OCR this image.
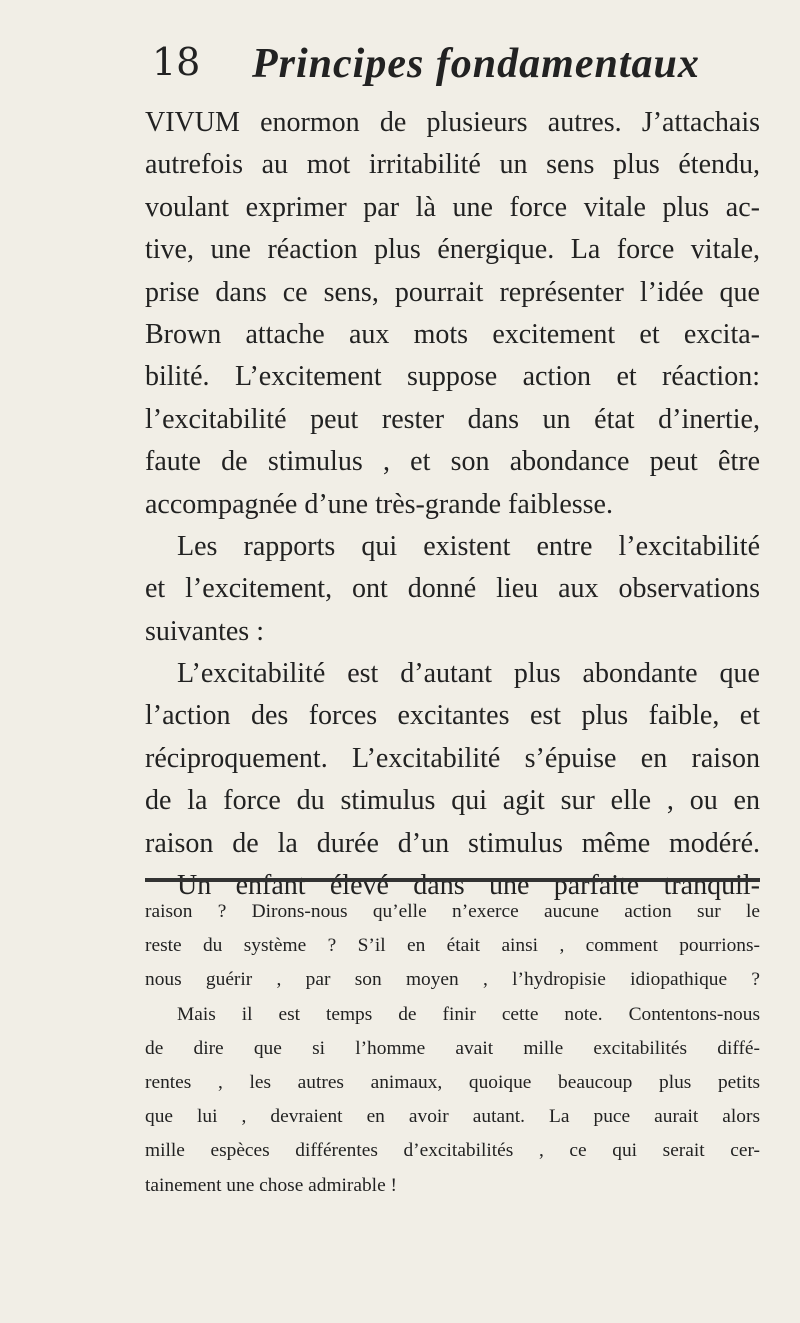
18 Principes fondamentaux
VIVUM enormon de plusieurs autres. J’attachais
autrefois au mot irritabilité un sens plus étendu,
voulant exprimer par là une force vitale plus ac-
tive, une réaction plus énergique. La force vitale,
prise dans ce sens, pourrait représenter l’idée que
Brown attache aux mots excitement et excita-
bilité. L’excitement suppose action et réaction:
l’excitabilité peut rester dans un état d’inertie,
faute de stimulus , et son abondance peut être
accompagnée d’une très-grande faiblesse.
Les rapports qui existent entre l’excitabilité
et l’excitement, ont donné lieu aux observations
suivantes :
L’excitabilité est d’autant plus abondante que
l’action des forces excitantes est plus faible, et
réciproquement. L’excitabilité s’épuise en raison
de la force du stimulus qui agit sur elle , ou en
raison de la durée d’un stimulus même modéré.
Un enfant élevé dans une parfaite tranquil-
raison ? Dirons-nous qu’elle n’exerce aucune action sur le
reste du système ? S’il en était ainsi , comment pourrions-
nous guérir , par son moyen , l’hydropisie idiopathique ?
Mais il est temps de finir cette note. Contentons-nous
de dire que si l’homme avait mille excitabilités diffé-
rentes , les autres animaux, quoique beaucoup plus petits
que lui , devraient en avoir autant. La puce aurait alors
mille espèces différentes d’excitabilités , ce qui serait cer-
tainement une chose admirable !
